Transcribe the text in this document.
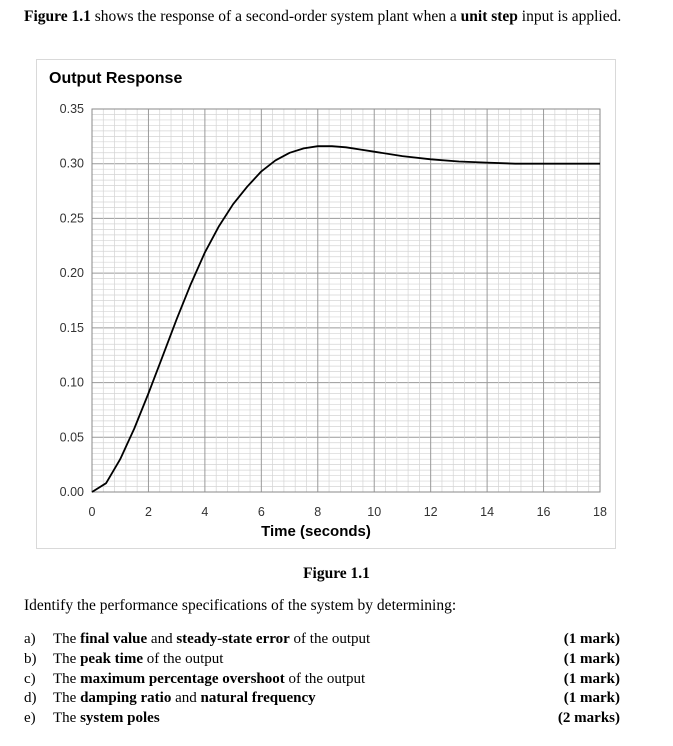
Figure 1.1 shows the response of a second-order system plant when a unit step input is applied.
Output Response
0.00
0.05
0.10
0.15
0.20
0.25
0.30
0.35
0	2	4	6	8	10	12	14	16	18
Time (seconds)
Figure 1.1
Identify the performance specifications of the system by determining:
a)	The final value and steady-state error of the output	(1 mark)
b)	The peak time of the output	(1 mark)
c)	The maximum percentage overshoot of the output	(1 mark)
d)	The damping ratio and natural frequency	(1 mark)
e)	The system poles	(2 marks)
